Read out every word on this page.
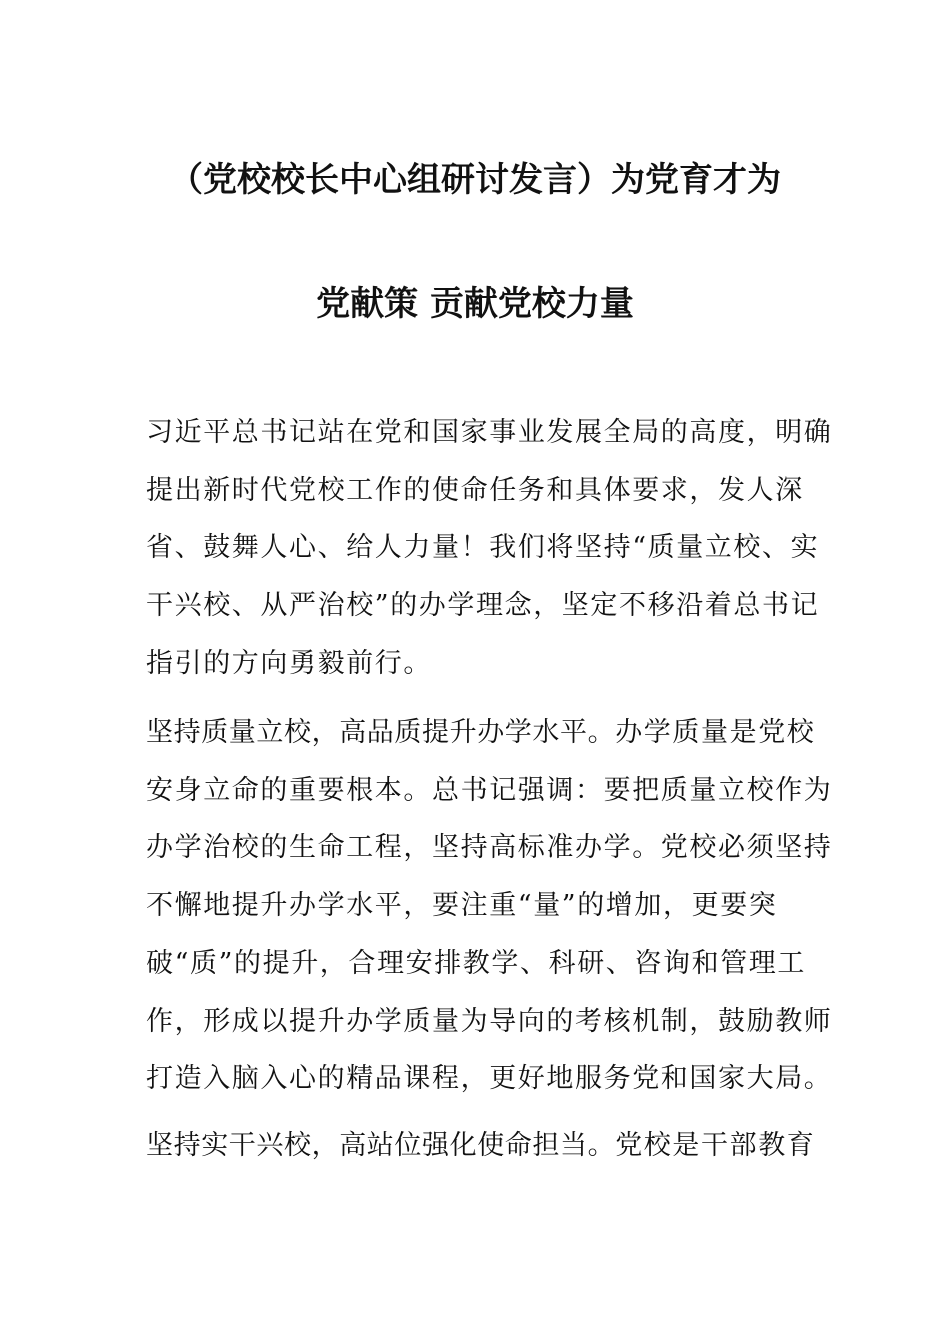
（党校校长中心组研讨发言）为党育才为
党献策 贡献党校力量

习近平总书记站在党和国家事业发展全局的高度，明确提出新时代党校工作的使命任务和具体要求，发人深省、鼓舞人心、给人力量！我们将坚持“质量立校、实干兴校、从严治校”的办学理念，坚定不移沿着总书记指引的方向勇毅前行。

坚持质量立校，高品质提升办学水平。办学质量是党校安身立命的重要根本。总书记强调：要把质量立校作为办学治校的生命工程，坚持高标准办学。党校必须坚持不懈地提升办学水平，要注重“量”的增加，更要突破“质”的提升，合理安排教学、科研、咨询和管理工作，形成以提升办学质量为导向的考核机制，鼓励教师打造入脑入心的精品课程，更好地服务党和国家大局。

坚持实干兴校，高站位强化使命担当。党校是干部教育
